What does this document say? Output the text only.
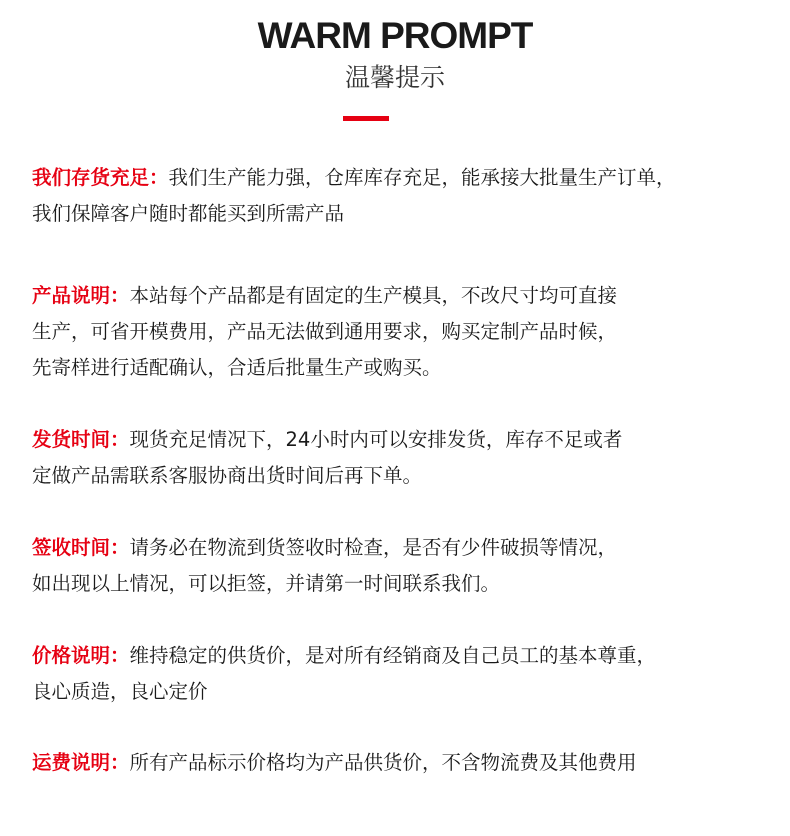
WARM PROMPT
温馨提示
我们存货充足：我们生产能力强，仓库库存充足，能承接大批量生产订单，
我们保障客户随时都能买到所需产品
产品说明：本站每个产品都是有固定的生产模具，不改尺寸均可直接
生产，可省开模费用，产品无法做到通用要求，购买定制产品时候，
先寄样进行适配确认，合适后批量生产或购买。
发货时间：现货充足情况下，24小时内可以安排发货，库存不足或者
定做产品需联系客服协商出货时间后再下单。
签收时间：请务必在物流到货签收时检查，是否有少件破损等情况，
如出现以上情况，可以拒签，并请第一时间联系我们。
价格说明：维持稳定的供货价，是对所有经销商及自己员工的基本尊重，
良心质造，良心定价
运费说明：所有产品标示价格均为产品供货价，不含物流费及其他费用
